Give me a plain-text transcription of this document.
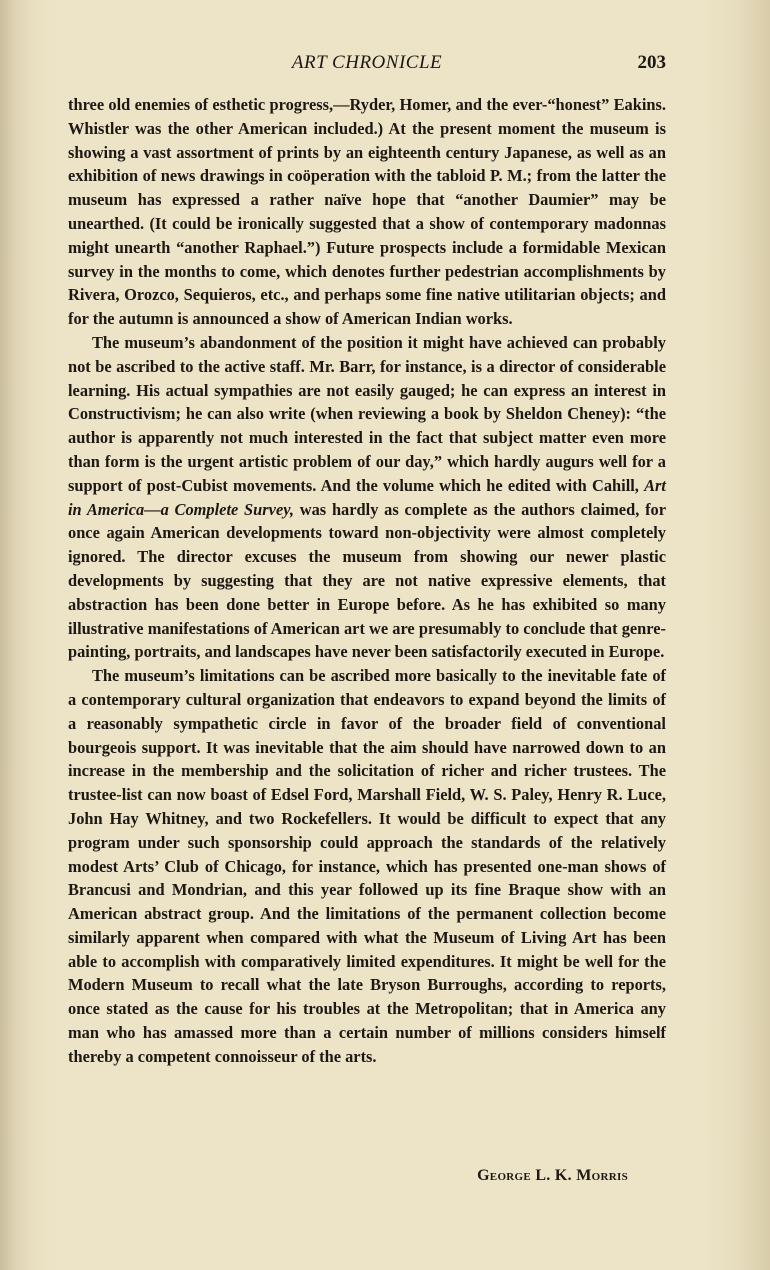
ART CHRONICLE	203

three old enemies of esthetic progress,—Ryder, Homer, and the ever-“honest” Eakins. Whistler was the other American included.) At the present moment the museum is showing a vast assortment of prints by an eighteenth century Japanese, as well as an exhibition of news drawings in coöperation with the tabloid P. M.; from the latter the museum has expressed a rather naïve hope that “another Daumier” may be unearthed. (It could be ironically suggested that a show of contemporary madonnas might unearth “another Raphael.”) Future prospects include a formidable Mexican survey in the months to come, which denotes further pedestrian accomplishments by Rivera, Orozco, Sequieros, etc., and perhaps some fine native utilitarian objects; and for the autumn is announced a show of American Indian works.

The museum’s abandonment of the position it might have achieved can probably not be ascribed to the active staff. Mr. Barr, for instance, is a director of considerable learning. His actual sympathies are not easily gauged; he can express an interest in Constructivism; he can also write (when reviewing a book by Sheldon Cheney): “the author is apparently not much interested in the fact that subject matter even more than form is the urgent artistic problem of our day,” which hardly augurs well for a support of post-Cubist movements. And the volume which he edited with Cahill, Art in America—a Complete Survey, was hardly as complete as the authors claimed, for once again American developments toward non-objectivity were almost completely ignored. The director excuses the museum from showing our newer plastic developments by suggesting that they are not native expressive elements, that abstraction has been done better in Europe before. As he has exhibited so many illustrative manifestations of American art we are presumably to conclude that genre-painting, portraits, and landscapes have never been satisfactorily executed in Europe.

The museum’s limitations can be ascribed more basically to the inevitable fate of a contemporary cultural organization that endeavors to expand beyond the limits of a reasonably sympathetic circle in favor of the broader field of conventional bourgeois support. It was inevitable that the aim should have narrowed down to an increase in the membership and the solicitation of richer and richer trustees. The trustee-list can now boast of Edsel Ford, Marshall Field, W. S. Paley, Henry R. Luce, John Hay Whitney, and two Rockefellers. It would be difficult to expect that any program under such sponsorship could approach the standards of the relatively modest Arts’ Club of Chicago, for instance, which has presented one-man shows of Brancusi and Mondrian, and this year followed up its fine Braque show with an American abstract group. And the limitations of the permanent collection become similarly apparent when compared with what the Museum of Living Art has been able to accomplish with comparatively limited expenditures. It might be well for the Modern Museum to recall what the late Bryson Burroughs, according to reports, once stated as the cause for his troubles at the Metropolitan; that in America any man who has amassed more than a certain number of millions considers himself thereby a competent connoisseur of the arts.

George L. K. Morris
